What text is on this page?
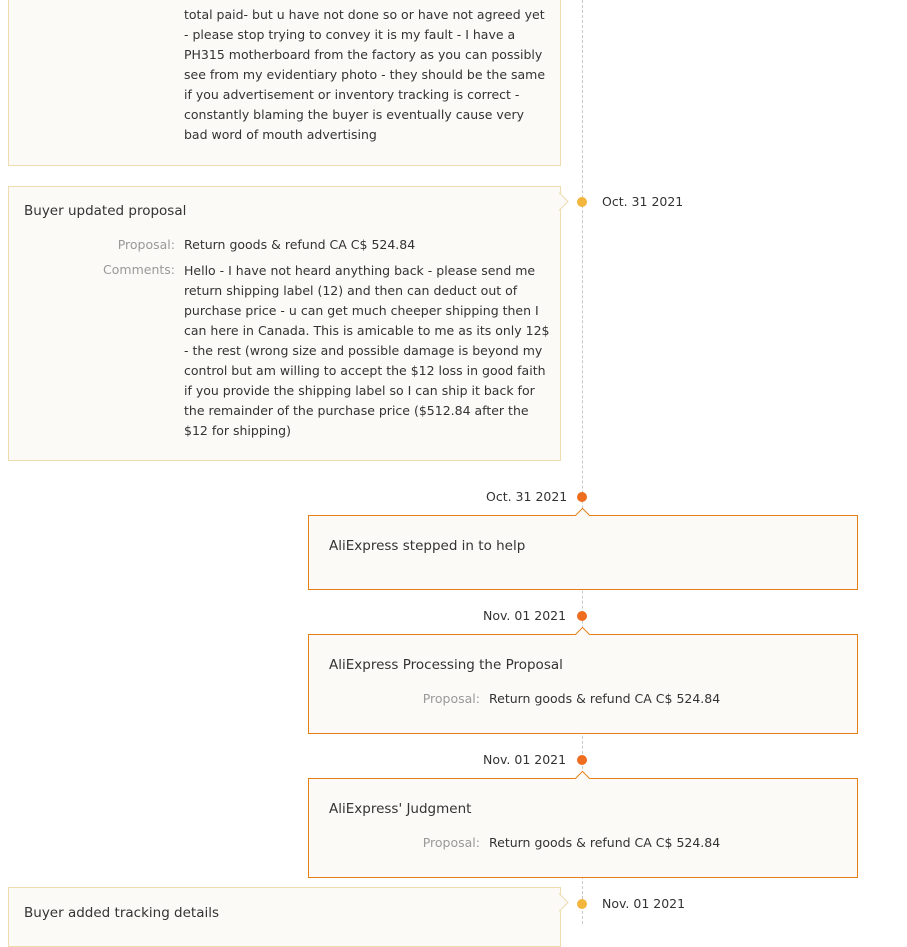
total paid- but u have not done so or have not agreed yet - please stop trying to convey it is my fault - I have a PH315 motherboard from the factory as you can possibly see from my evidentiary photo - they should be the same if you advertisement or inventory tracking is correct - constantly blaming the buyer is eventually cause very bad word of mouth advertising
Buyer updated proposal
Proposal: Return goods & refund CA C$ 524.84
Comments: Hello - I have not heard anything back - please send me return shipping label (12) and then can deduct out of purchase price - u can get much cheeper shipping then I can here in Canada. This is amicable to me as its only 12$ - the rest (wrong size and possible damage is beyond my control but am willing to accept the $12 loss in good faith if you provide the shipping label so I can ship it back for the remainder of the purchase price ($512.84 after the $12 for shipping)
Oct. 31 2021
Oct. 31 2021
AliExpress stepped in to help
Nov. 01 2021
AliExpress Processing the Proposal
Proposal: Return goods & refund CA C$ 524.84
Nov. 01 2021
AliExpress' Judgment
Proposal: Return goods & refund CA C$ 524.84
Buyer added tracking details
Nov. 01 2021
